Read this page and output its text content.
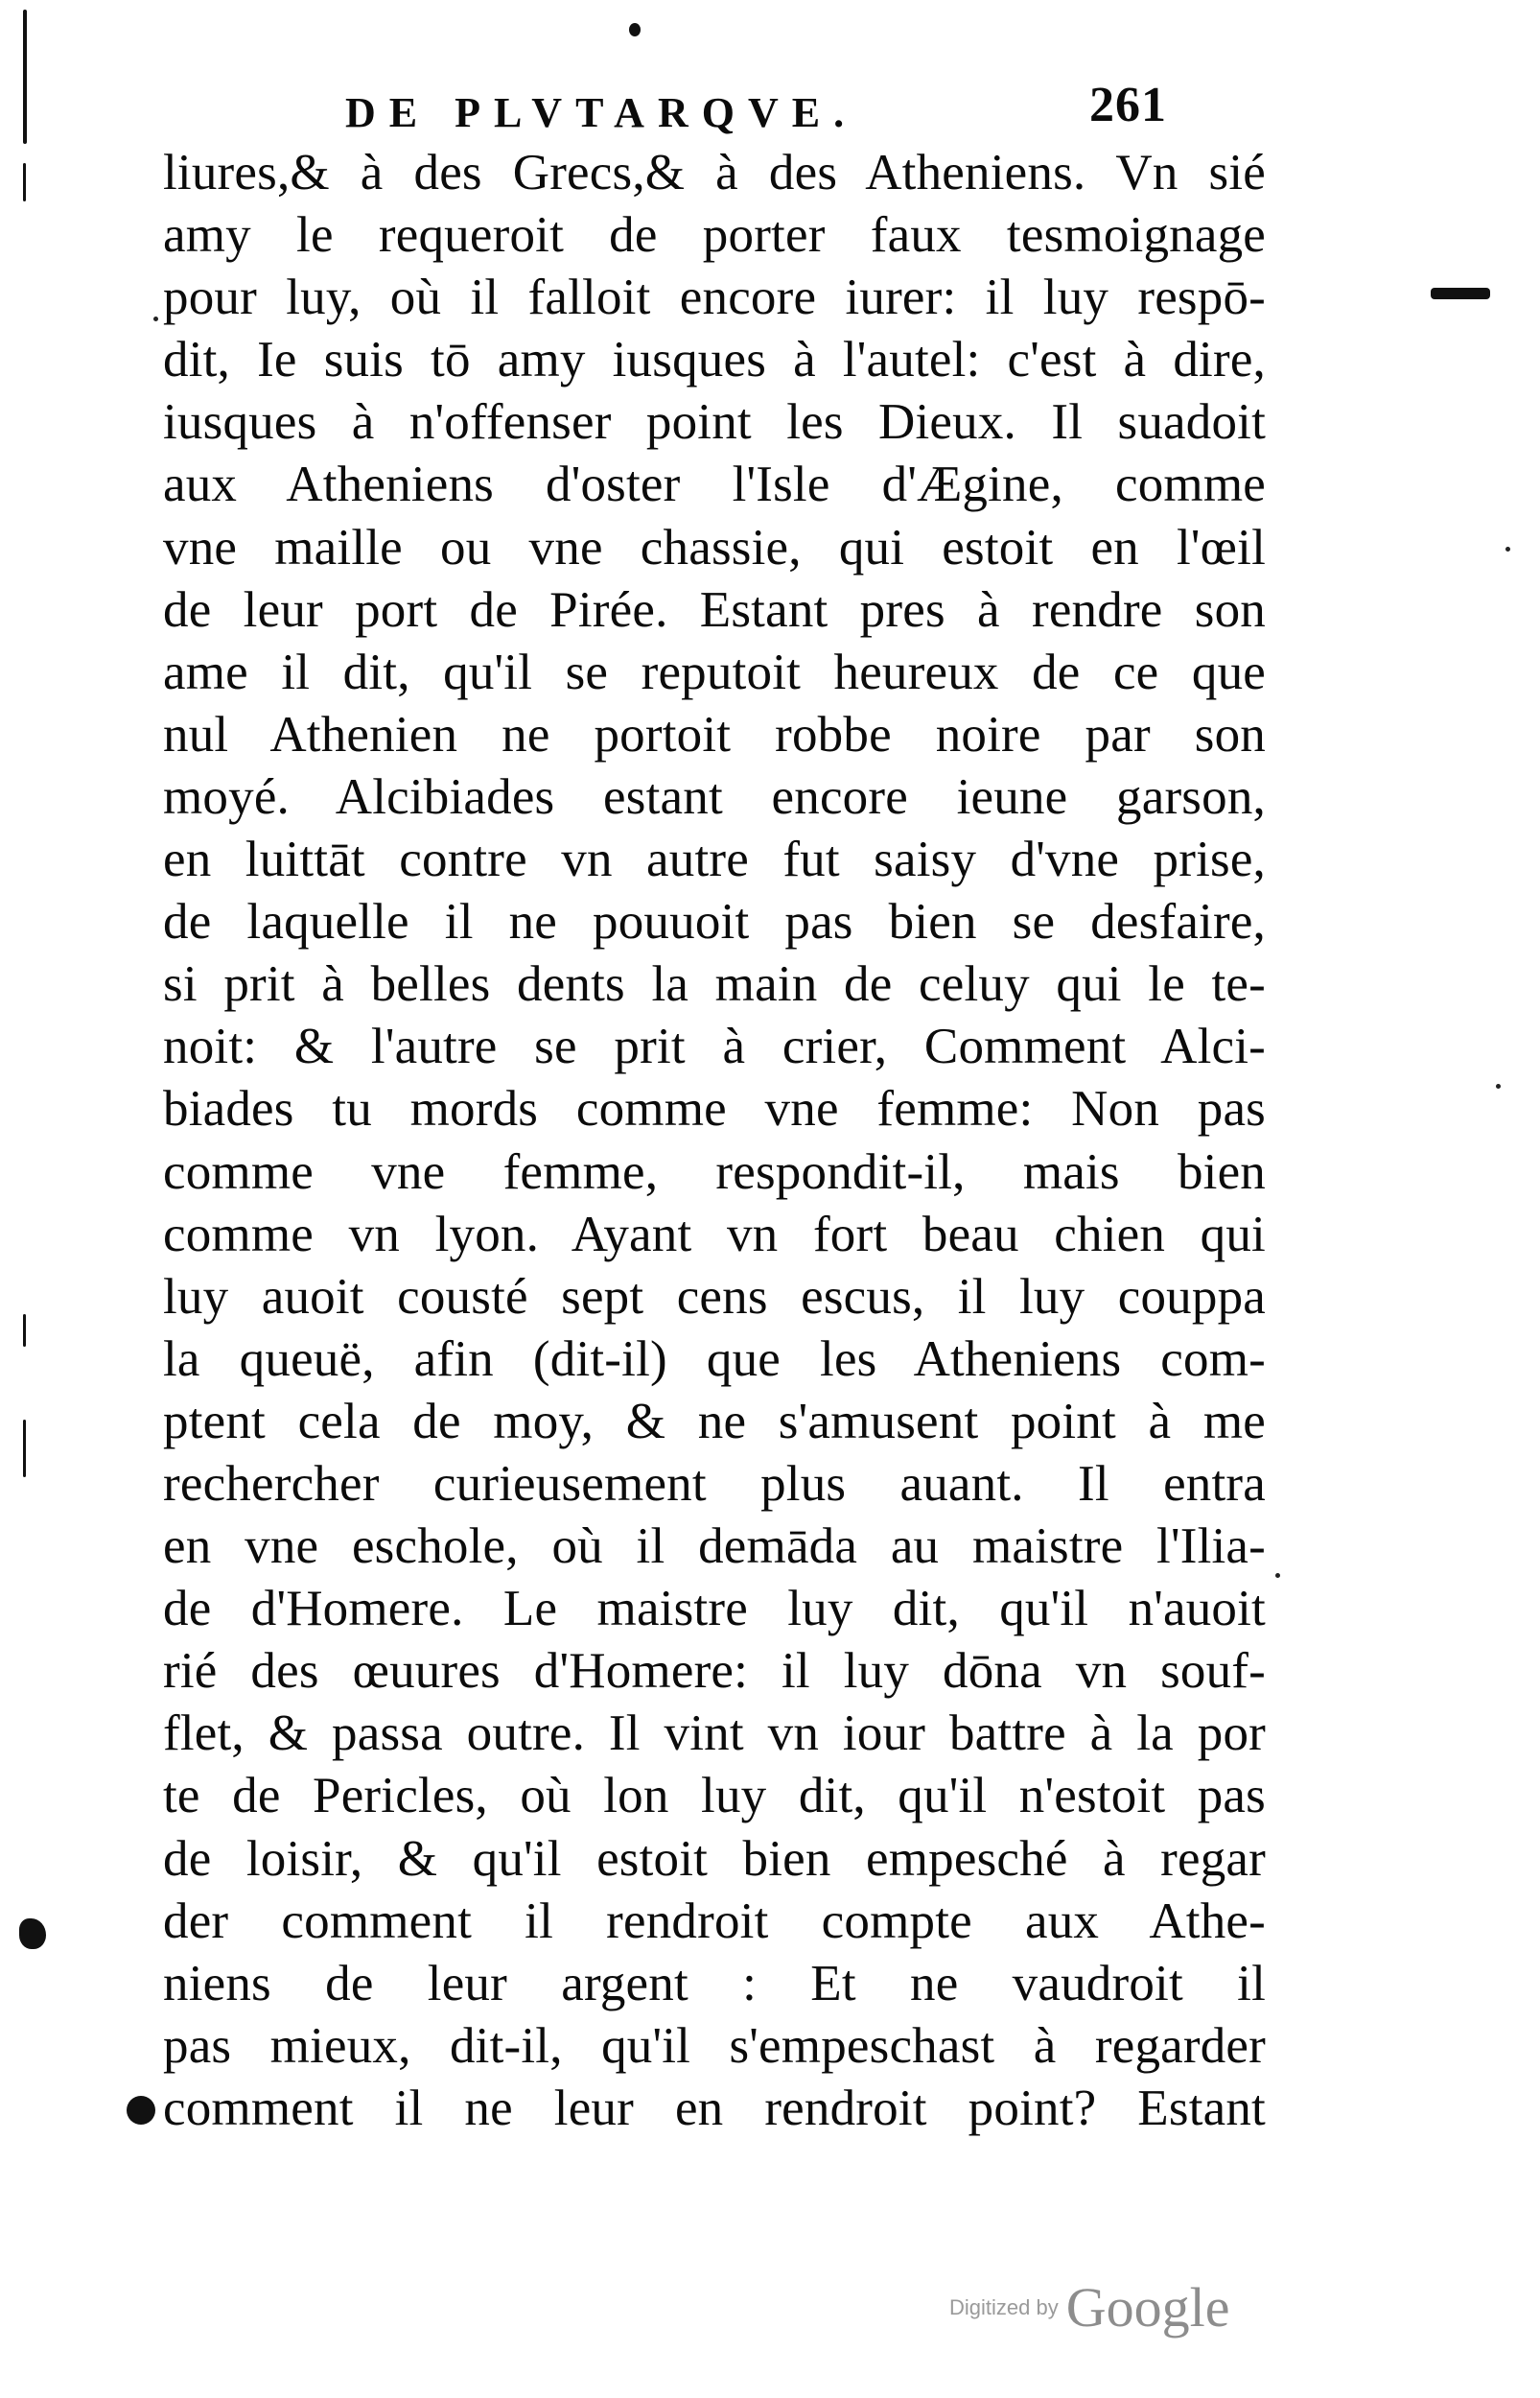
DE PLVTARQVE.	261
liures,& à des Grecs,& à des Atheniens. Vn sié
amy le requeroit de porter faux tesmoignage
pour luy, où il falloit encore iurer: il luy respō-
dit, Ie suis tō amy iusques à l'autel: c'est à dire,
iusques à n'offenser point les Dieux. Il suadoit
aux Atheniens d'oster l'Isle d'Ægine, comme
vne maille ou vne chassie, qui estoit en l'œil
de leur port de Pirée. Estant pres à rendre son
ame il dit, qu'il se reputoit heureux de ce que
nul Athenien ne portoit robbe noire par son
moyé. Alcibiades estant encore ieune garson,
en luittāt contre vn autre fut saisy d'vne prise,
de laquelle il ne pouuoit pas bien se desfaire,
si prit à belles dents la main de celuy qui le te-
noit: & l'autre se prit à crier, Comment Alci-
biades tu mords comme vne femme: Non pas
comme vne femme, respondit-il, mais bien
comme vn lyon. Ayant vn fort beau chien qui
luy auoit cousté sept cens escus, il luy couppa
la queuë, afin (dit-il) que les Atheniens com-
ptent cela de moy, & ne s'amusent point à me
rechercher curieusement plus auant. Il entra
en vne eschole, où il demāda au maistre l'Ilia-
de d'Homere. Le maistre luy dit, qu'il n'auoit
rié des œuures d'Homere: il luy dōna vn souf-
flet, & passa outre. Il vint vn iour battre à la por
te de Pericles, où lon luy dit, qu'il n'estoit pas
de loisir, & qu'il estoit bien empesché à regar
der comment il rendroit compte aux Athe-
niens de leur argent : Et ne vaudroit il
pas mieux, dit-il, qu'il s'empeschast à regarder
comment il ne leur en rendroit point? Estant
Digitized by Google
